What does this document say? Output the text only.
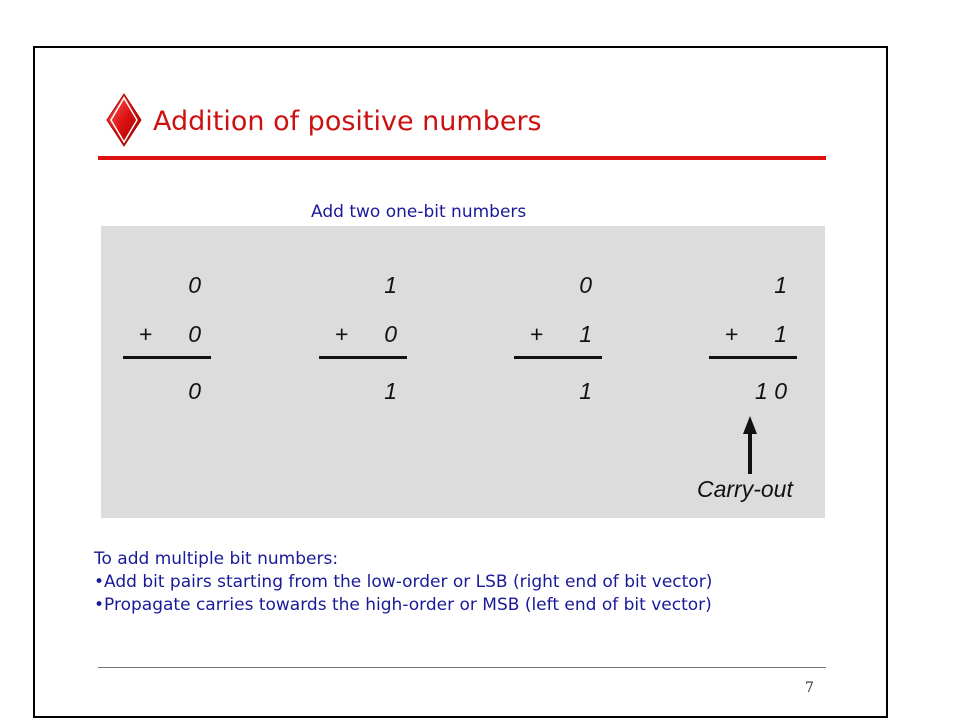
Addition of positive numbers
Add two one-bit numbers
0
+	0
0
1
+	0
1
0
+	1
1
1
+	1
1 0
Carry-out
To add multiple bit numbers:
•Add bit pairs starting from the low-order or LSB (right end of bit vector)
•Propagate carries towards the high-order or MSB (left end of bit vector)
7
